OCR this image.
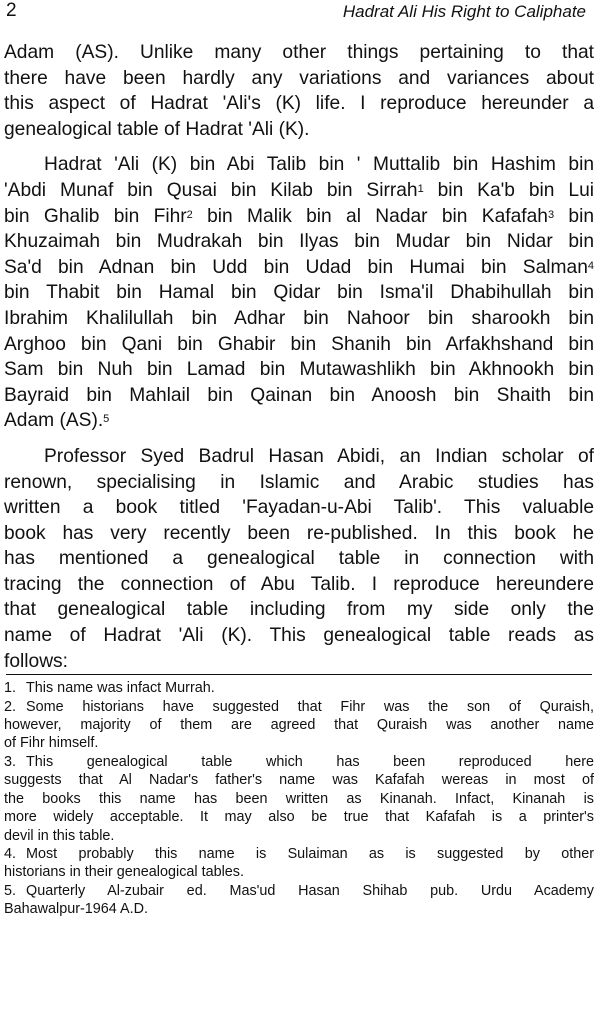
2	Hadrat Ali His Right to Caliphate

Adam (AS). Unlike many other things pertaining to that
there have been hardly any variations and variances about
this aspect of Hadrat 'Ali's (K) life. I reproduce hereunder a
genealogical table of Hadrat 'Ali (K).

Hadrat 'Ali (K) bin Abi Talib bin ' Muttalib bin Hashim bin
'Abdi Munaf bin Qusai bin Kilab bin Sirrah$^1$ bin Ka'b bin Lui
bin Ghalib bin Fihr$^2$ bin Malik bin al Nadar bin Kafafah$^3$ bin
Khuzaimah bin Mudrakah bin Ilyas bin Mudar bin Nidar bin
Sa'd bin Adnan bin Udd bin Udad bin Humai bin Salman$^4$
bin Thabit bin Hamal bin Qidar bin Isma'il Dhabihullah bin
Ibrahim Khalilullah bin Adhar bin Nahoor bin sharookh bin
Arghoo bin Qani bin Ghabir bin Shanih bin Arfakhshand bin
Sam bin Nuh bin Lamad bin Mutawashlikh bin Akhnookh bin
Bayraid bin Mahlail bin Qainan bin Anoosh bin Shaith bin
Adam (AS).$^5$

Professor Syed Badrul Hasan Abidi, an Indian scholar of
renown, specialising in Islamic and Arabic studies has
written a book titled 'Fayadan-u-Abi Talib'. This valuable
book has very recently been re-published. In this book he
has mentioned a genealogical table in connection with
tracing the connection of Abu Talib. I reproduce hereundere
that genealogical table including from my side only the
name of Hadrat 'Ali (K). This genealogical table reads as
follows:

1. This name was infact Murrah.
2. Some historians have suggested that Fihr was the son of Quraish,
however, majority of them are agreed that Quraish was another name
of Fihr himself.
3. This genealogical table which has been reproduced here
suggests that Al Nadar's father's name was Kafafah wereas in most of
the books this name has been written as Kinanah. Infact, Kinanah is
more widely acceptable. It may also be true that Kafafah is a printer's
devil in this table.
4. Most probably this name is Sulaiman as is suggested by other
historians in their genealogical tables.
5. Quarterly Al-zubair ed. Mas'ud Hasan Shihab pub. Urdu Academy
Bahawalpur-1964 A.D.
